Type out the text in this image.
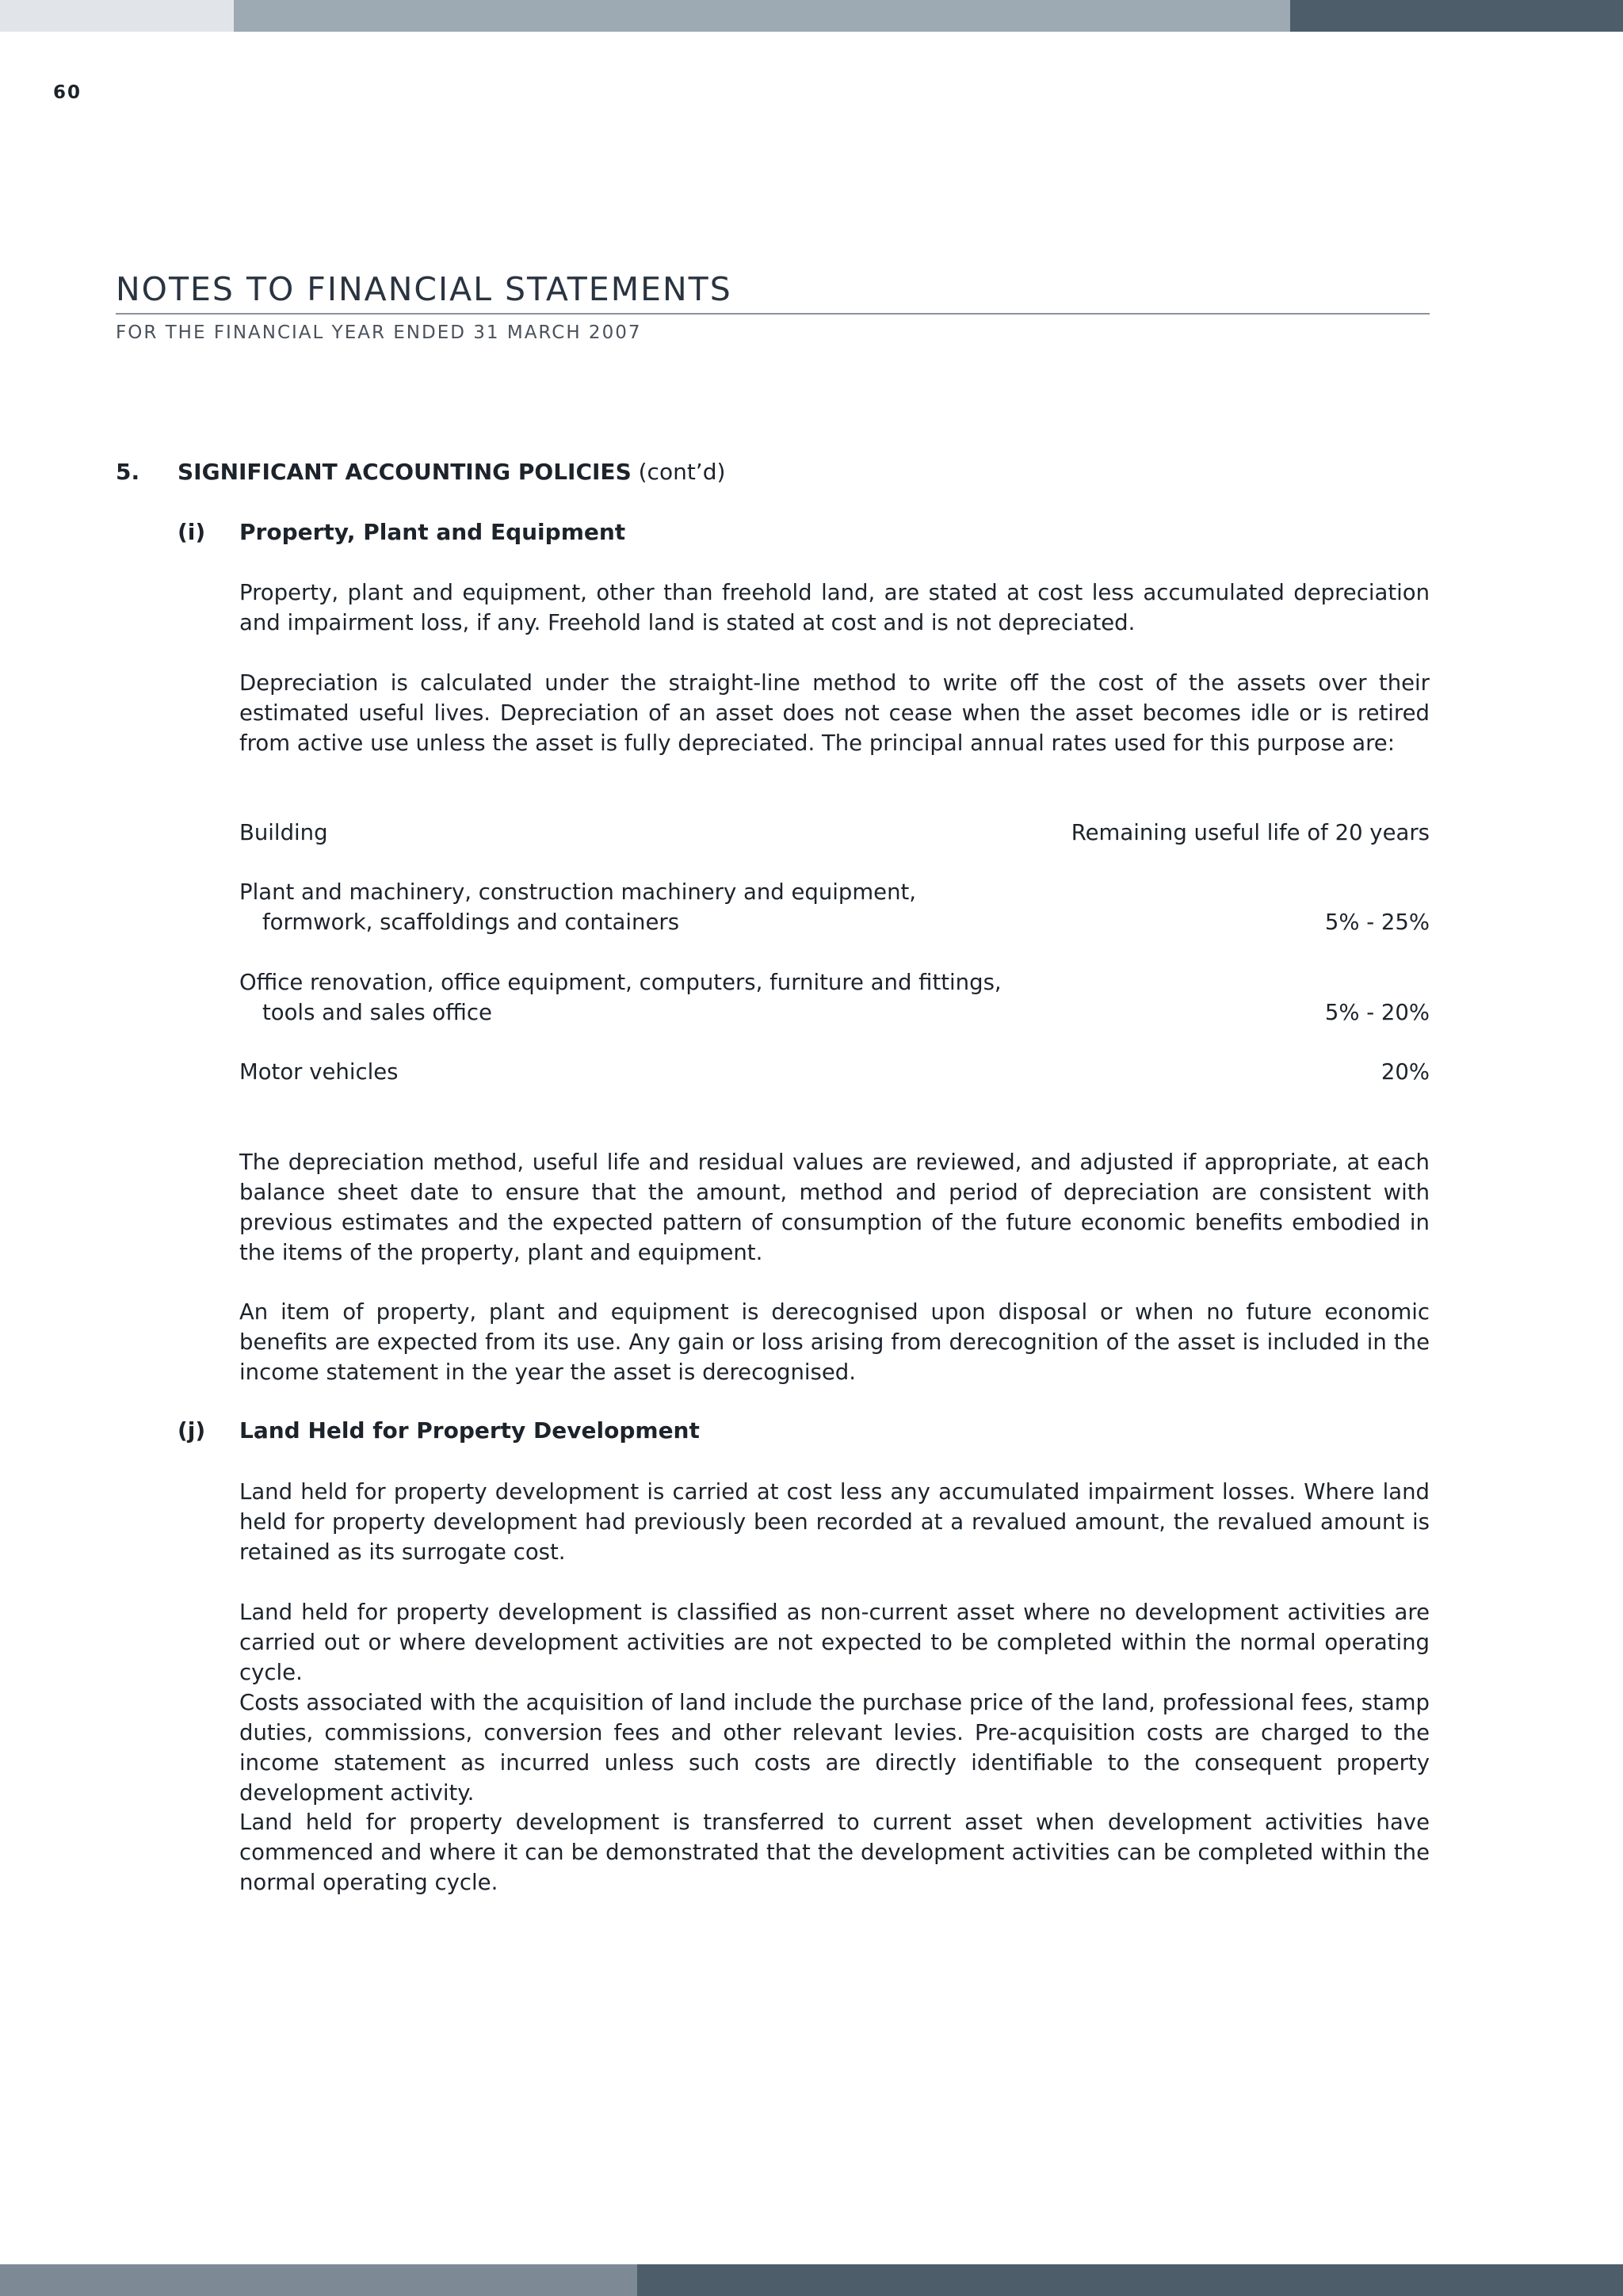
60
NOTES TO FINANCIAL STATEMENTS
FOR THE FINANCIAL YEAR ENDED 31 MARCH 2007
5. SIGNIFICANT ACCOUNTING POLICIES (cont’d)
(i) Property, Plant and Equipment

Property, plant and equipment, other than freehold land, are stated at cost less accumulated depreciation and impairment loss, if any. Freehold land is stated at cost and is not depreciated.

Depreciation is calculated under the straight-line method to write off the cost of the assets over their estimated useful lives. Depreciation of an asset does not cease when the asset becomes idle or is retired from active use unless the asset is fully depreciated. The principal annual rates used for this purpose are:

Building	Remaining useful life of 20 years
Plant and machinery, construction machinery and equipment,
formwork, scaffoldings and containers	5% - 25%
Office renovation, office equipment, computers, furniture and fittings,
tools and sales office	5% - 20%
Motor vehicles	20%

The depreciation method, useful life and residual values are reviewed, and adjusted if appropriate, at each balance sheet date to ensure that the amount, method and period of depreciation are consistent with previous estimates and the expected pattern of consumption of the future economic benefits embodied in the items of the property, plant and equipment.

An item of property, plant and equipment is derecognised upon disposal or when no future economic benefits are expected from its use. Any gain or loss arising from derecognition of the asset is included in the income statement in the year the asset is derecognised.

(j) Land Held for Property Development

Land held for property development is carried at cost less any accumulated impairment losses. Where land held for property development had previously been recorded at a revalued amount, the revalued amount is retained as its surrogate cost.

Land held for property development is classified as non-current asset where no development activities are carried out or where development activities are not expected to be completed within the normal operating cycle.

Costs associated with the acquisition of land include the purchase price of the land, professional fees, stamp duties, commissions, conversion fees and other relevant levies. Pre-acquisition costs are charged to the income statement as incurred unless such costs are directly identifiable to the consequent property development activity.

Land held for property development is transferred to current asset when development activities have commenced and where it can be demonstrated that the development activities can be completed within the normal operating cycle.
